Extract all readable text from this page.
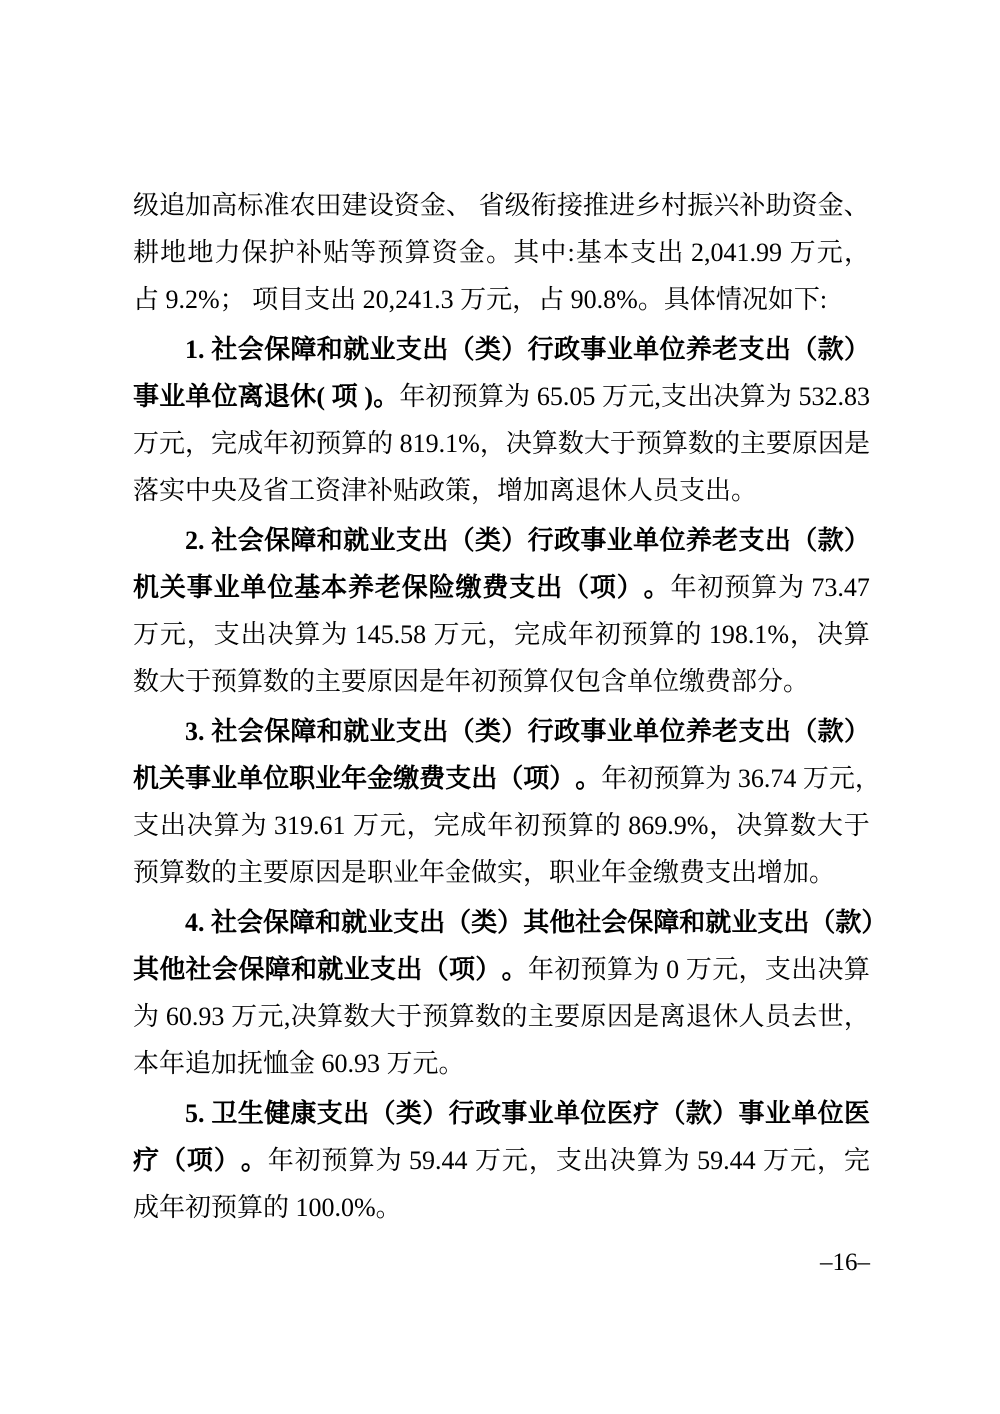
级 追 加 高 标 准 农 田 建 设 资 金 、
省 级 衔 接 推 进 乡 村 振 兴 补 助 资 金 、
耕 地 地 力 保 护 补 贴 等 预 算 资 金 。 其 中 : 基 本 支 出 2,041.99 万 元 ，
占 9.2%； 项目支出 20,241.3 万元，占 90.8%。具体情况如下:
1. 社 会 保 障 和 就 业 支 出 （ 类 ） 行 政 事 业 单 位 养 老 支 出 （ 款 ）
事 业 单 位 离 退 休 ( 项 ) 。 年 初 预 算 为 65.05 万 元 , 支 出 决 算 为 532.83
万 元 ， 完 成 年 初 预 算 的 819.1% ， 决 算 数 大 于 预 算 数 的 主 要 原 因 是
落实中央及省工资津补贴政策，增加离退休人员支出。
2. 社 会 保 障 和 就 业 支 出 （ 类 ） 行 政 事 业 单 位 养 老 支 出 （ 款 ）
机 关 事 业 单 位 基 本 养 老 保 险 缴 费 支 出 （ 项 ） 。 年 初 预 算 为 73.47
万 元 ， 支 出 决 算 为 145.58 万 元 ， 完 成 年 初 预 算 的 198.1% ， 决 算
数大于预算数的主要原因是年初预算仅包含单位缴费部分。
3. 社 会 保 障 和 就 业 支 出 （ 类 ） 行 政 事 业 单 位 养 老 支 出 （ 款 ）
机 关 事 业 单 位 职 业 年 金 缴 费 支 出 （ 项 ） 。 年 初 预 算 为 36.74 万 元 ，
支 出 决 算 为 319.61 万 元 ， 完 成 年 初 预 算 的 869.9% ， 决 算 数 大 于
预算数的主要原因是职业年金做实，职业年金缴费支出增加。
4. 社 会 保 障 和 就 业 支 出 （ 类 ） 其 他 社 会 保 障 和 就 业 支 出 （ 款 ）
其 他 社 会 保 障 和 就 业 支 出 （ 项 ） 。 年 初 预 算 为 0 万 元 ， 支 出 决 算
为 60.93 万 元 , 决 算 数 大 于 预 算 数 的 主 要 原 因 是 离 退 休 人 员 去 世 ，
本年追加抚恤金 60.93 万元。
5. 卫 生 健 康 支 出 （ 类 ） 行 政 事 业 单 位 医 疗 （ 款 ） 事 业 单 位 医
疗 （ 项 ） 。 年 初 预 算 为 59.44 万 元 ， 支 出 决 算 为 59.44 万 元 ， 完
成年初预算的 100.0%。
–16–
